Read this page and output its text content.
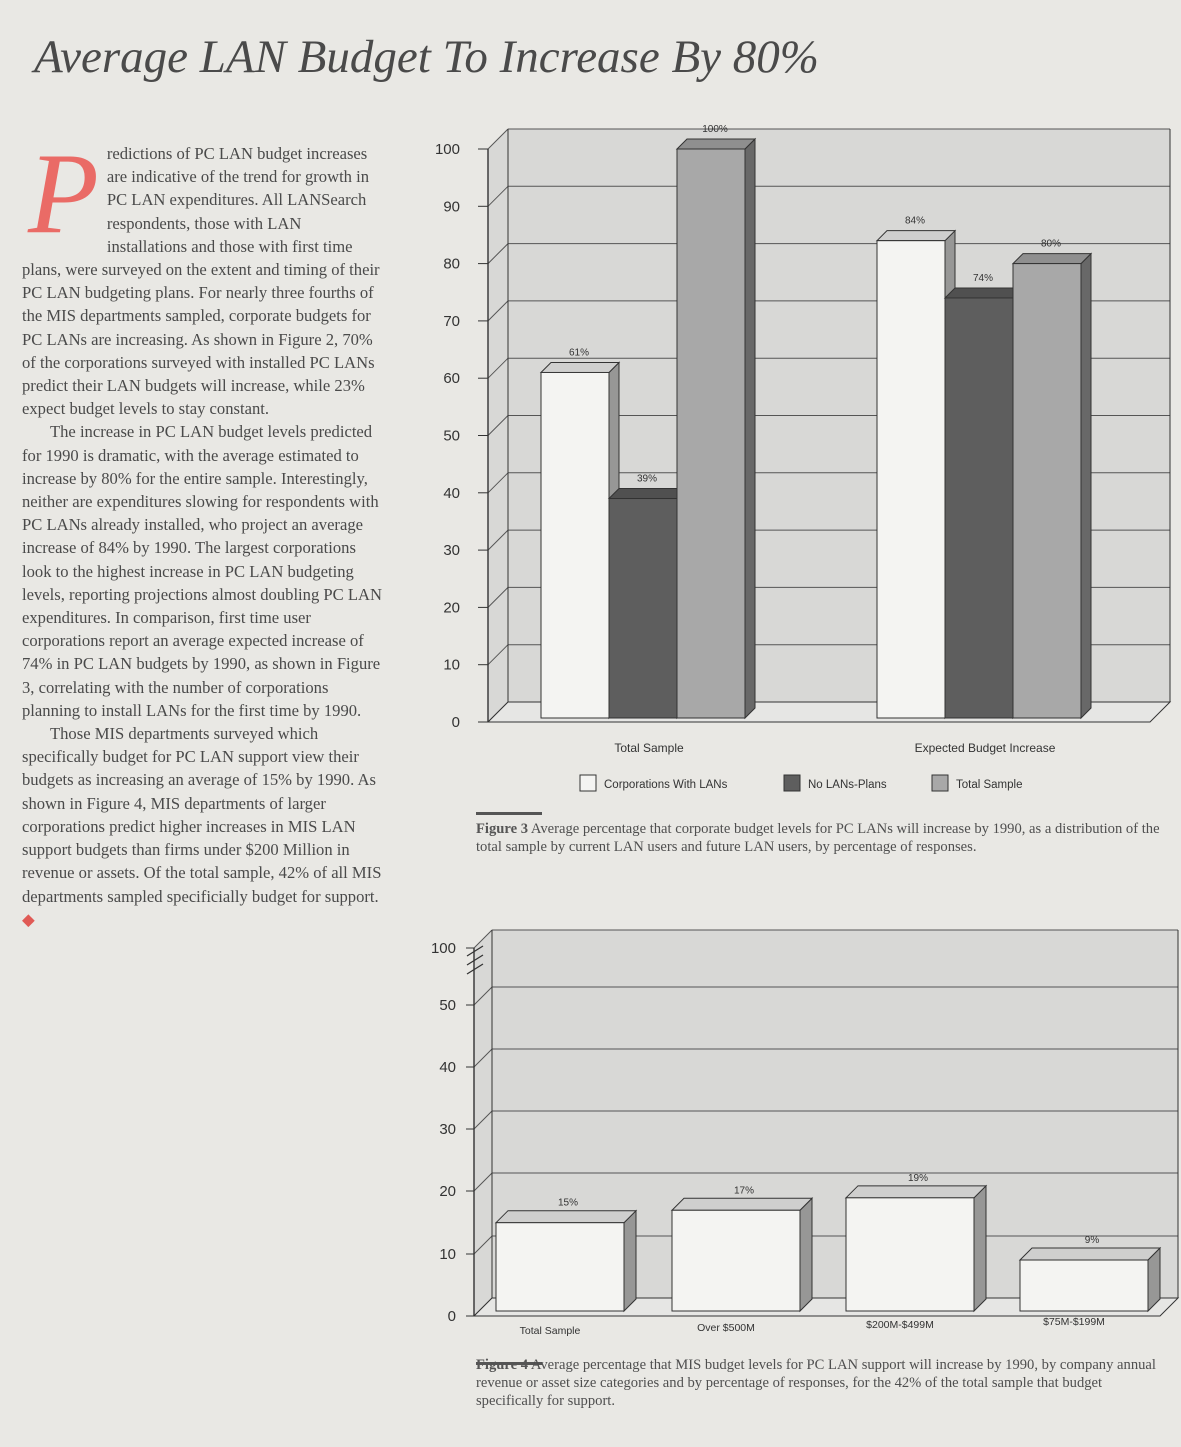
Average LAN Budget To Increase By 80%

Predictions of PC LAN budget increases are indicative of the trend for growth in PC LAN expenditures. All LANSearch respondents, those with LAN installations and those with first time plans, were surveyed on the extent and timing of their PC LAN budgeting plans. For nearly three fourths of the MIS departments sampled, corporate budgets for PC LANs are increasing. As shown in Figure 2, 70% of the corporations surveyed with installed PC LANs predict their LAN budgets will increase, while 23% expect budget levels to stay constant.

The increase in PC LAN budget levels predicted for 1990 is dramatic, with the average estimated to increase by 80% for the entire sample. Interestingly, neither are expenditures slowing for respondents with PC LANs already installed, who project an average increase of 84% by 1990. The largest corporations look to the highest increase in PC LAN budgeting levels, reporting projections almost doubling PC LAN expenditures. In comparison, first time user corporations report an average expected increase of 74% in PC LAN budgets by 1990, as shown in Figure 3, correlating with the number of corporations planning to install LANs for the first time by 1990.

Those MIS departments surveyed which specifically budget for PC LAN support view their budgets as increasing an average of 15% by 1990. As shown in Figure 4, MIS departments of larger corporations predict higher increases in MIS LAN support budgets than firms under $200 Million in revenue or assets. Of the total sample, 42% of all MIS departments sampled specificially budget for support. ◆

0
10
20
30
40
50
60
70
80
90
100
61%
39%
100%
Total Sample
84%
74%
80%
Expected Budget Increase
Corporations With LANs	No LANs-Plans	Total Sample
0
10
20
30
40
50
100
15%
Total Sample
17%
Over $500M
19%
$200M-$499M
9%
$75M-$199M
Figure 3 Average percentage that corporate budget levels for PC LANs will increase by 1990, as a distribution of the total sample by current LAN users and future LAN users, by percentage of responses.
Figure 4 Average percentage that MIS budget levels for PC LAN support will increase by 1990, by company annual revenue or asset size categories and by percentage of responses, for the 42% of the total sample that budget specifically for support.
